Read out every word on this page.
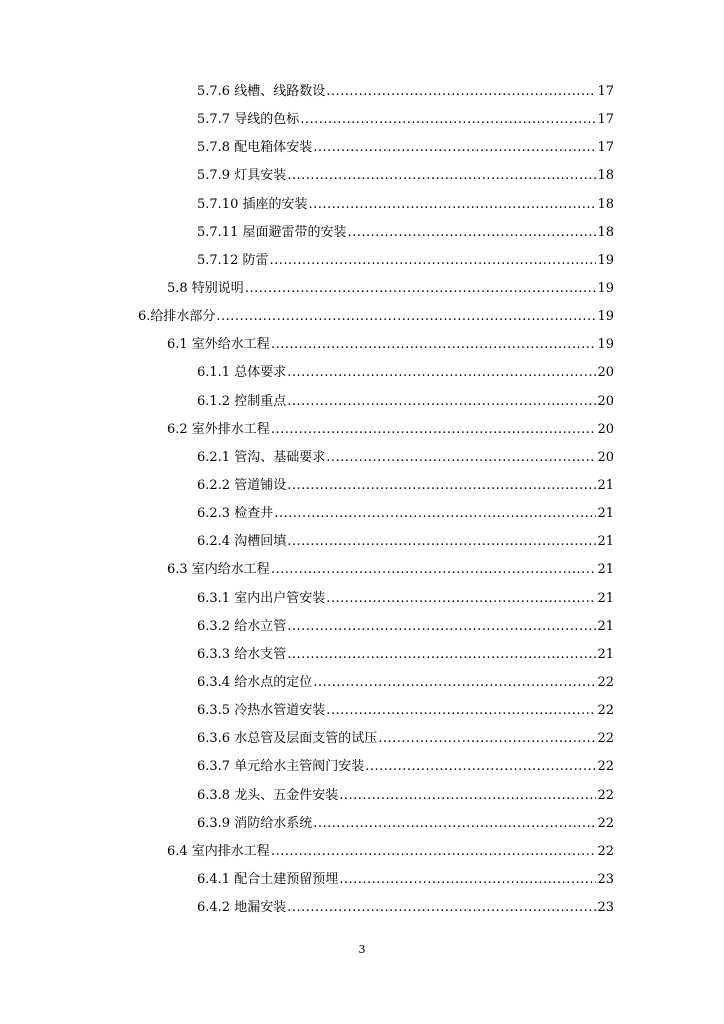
5.7.6 线槽、线路数设 .....	17
5.7.7 导线的色标 .....	17
5.7.8 配电箱体安装 .....	17
5.7.9 灯具安装 .....	18
5.7.10 插座的安装 .....	18
5.7.11 屋面避雷带的安装 .....	18
5.7.12 防雷 .....	19
5.8 特别说明 .....	19
6.给排水部分 .....	19
6.1 室外给水工程 .....	19
6.1.1 总体要求 .....	20
6.1.2 控制重点 .....	20
6.2 室外排水工程 .....	20
6.2.1 管沟、基础要求 .....	20
6.2.2 管道铺设 .....	21
6.2.3 检查井 .....	21
6.2.4 沟槽回填 .....	21
6.3 室内给水工程 .....	21
6.3.1 室内出户管安装 .....	21
6.3.2 给水立管 .....	21
6.3.3 给水支管 .....	21
6.3.4 给水点的定位 .....	22
6.3.5 冷热水管道安装 .....	22
6.3.6 水总管及层面支管的试压 .....	22
6.3.7 单元给水主管阀门安装 .....	22
6.3.8 龙头、五金件安装 .....	22
6.3.9 消防给水系统 .....	22
6.4 室内排水工程 .....	22
6.4.1 配合土建预留预埋 .....	23
6.4.2 地漏安装 .....	23
3
